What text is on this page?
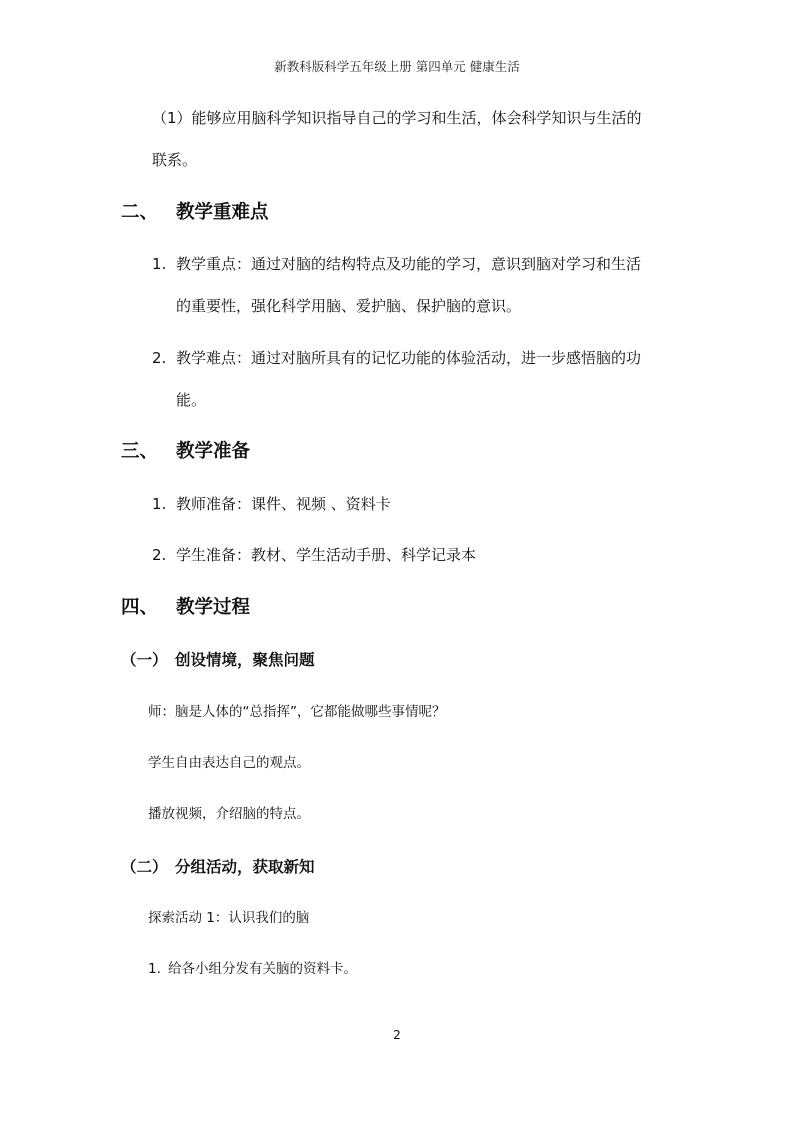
新教科版科学五年级上册 第四单元 健康生活
（1）能够应用脑科学知识指导自己的学习和生活，体会科学知识与生活的
联系。
二、 教学重难点
1. 教学重点：通过对脑的结构特点及功能的学习，意识到脑对学习和生活
的重要性，强化科学用脑、爱护脑、保护脑的意识。
2. 教学难点：通过对脑所具有的记忆功能的体验活动，进一步感悟脑的功
能。
三、 教学准备
1. 教师准备：课件、视频 、资料卡
2. 学生准备：教材、学生活动手册、科学记录本
四、 教学过程
（一） 创设情境，聚焦问题
师：脑是人体的“总指挥”，它都能做哪些事情呢？
学生自由表达自己的观点。
播放视频，介绍脑的特点。
（二） 分组活动，获取新知
探索活动 1：认识我们的脑
1. 给各小组分发有关脑的资料卡。
2
